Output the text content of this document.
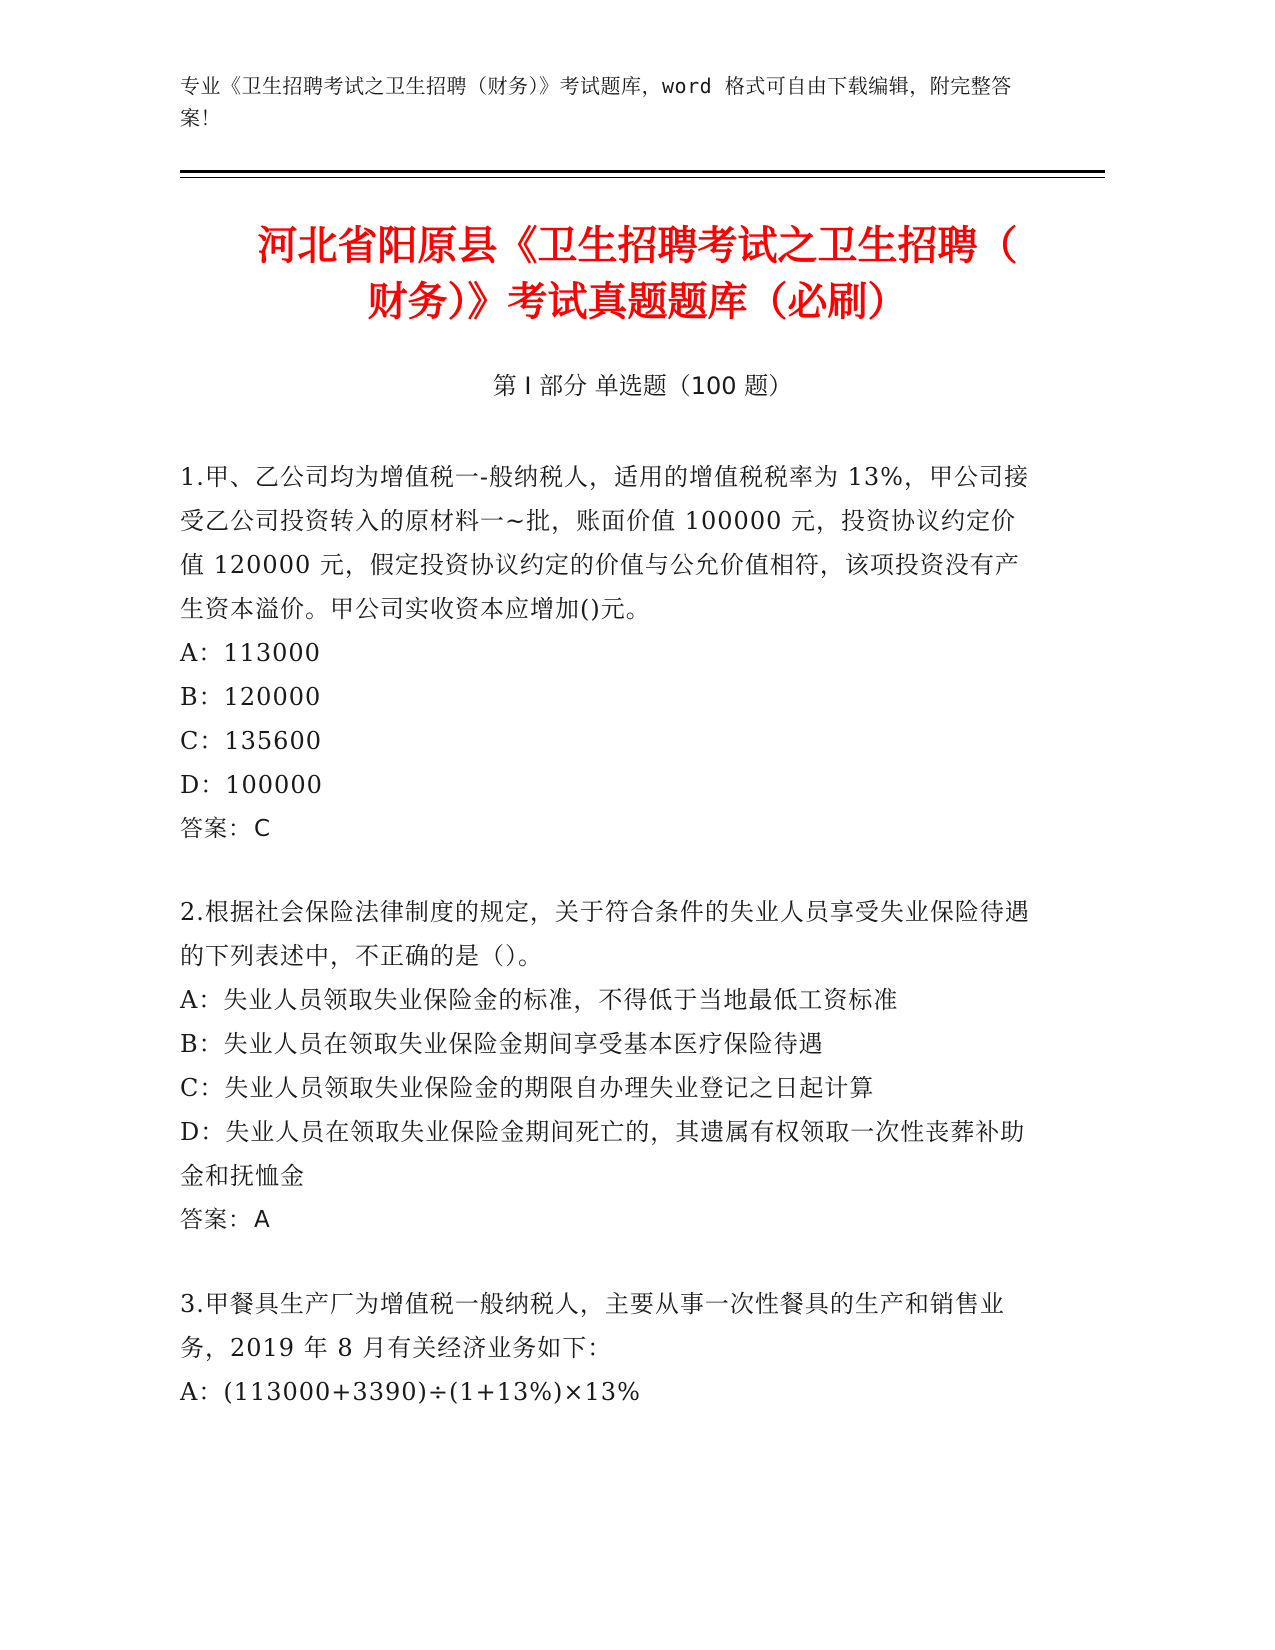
专业《卫生招聘考试之卫生招聘（财务）》考试题库，word 格式可自由下载编辑，附完整答案！
河北省阳原县《卫生招聘考试之卫生招聘（
财务）》考试真题题库（必刷）
第 I 部分 单选题（100 题）

1.甲、乙公司均为增值税一-般纳税人，适用的增值税税率为 13%，甲公司接受乙公司投资转入的原材料一~批，账面价值 100000 元，投资协议约定价值 120000 元，假定投资协议约定的价值与公允价值相符，该项投资没有产生资本溢价。甲公司实收资本应增加()元。

A：113000

B：120000

C：135600

D：100000

答案：C

2.根据社会保险法律制度的规定，关于符合条件的失业人员享受失业保险待遇的下列表述中，不正确的是（）。

A：失业人员领取失业保险金的标准，不得低于当地最低工资标准

B：失业人员在领取失业保险金期间享受基本医疗保险待遇

C：失业人员领取失业保险金的期限自办理失业登记之日起计算

D：失业人员在领取失业保险金期间死亡的，其遗属有权领取一次性丧葬补助金和抚恤金

答案：A

3.甲餐具生产厂为增值税一般纳税人，主要从事一次性餐具的生产和销售业务，2019 年 8 月有关经济业务如下：

A：(113000+3390)÷(1+13%)×13%
